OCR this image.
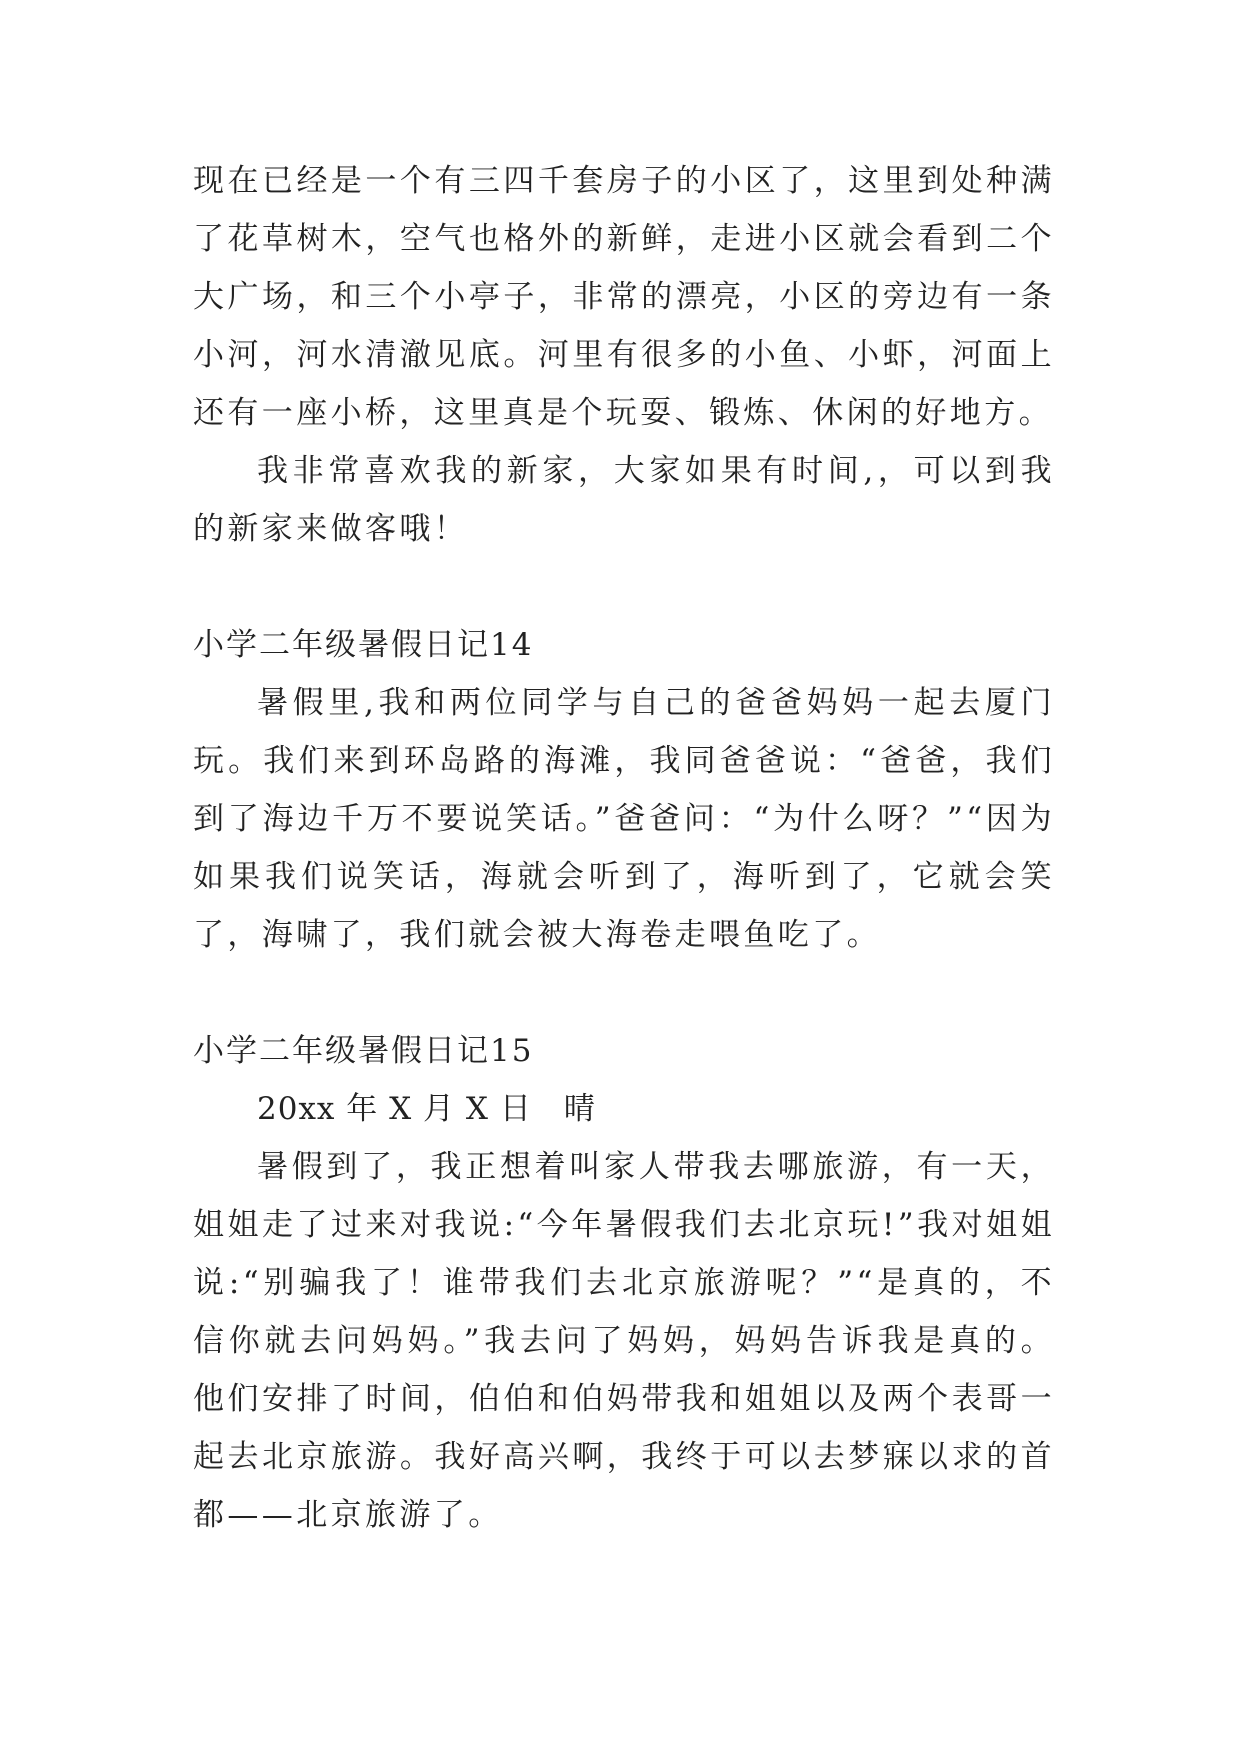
现在已经是一个有三四千套房子的小区了，这里到处种满了花草树木，空气也格外的新鲜，走进小区就会看到二个大广场，和三个小亭子，非常的漂亮，小区的旁边有一条小河，河水清澈见底。河里有很多的小鱼、小虾，河面上还有一座小桥，这里真是个玩耍、锻炼、休闲的好地方。

我非常喜欢我的新家，大家如果有时间,，可以到我的新家来做客哦！

小学二年级暑假日记14

暑假里,我和两位同学与自己的爸爸妈妈一起去厦门玩。我们来到环岛路的海滩，我同爸爸说：“爸爸，我们到了海边千万不要说笑话。”爸爸问：“为什么呀？”“因为如果我们说笑话，海就会听到了，海听到了，它就会笑了，海啸了，我们就会被大海卷走喂鱼吃了。

小学二年级暑假日记15

20xx 年 X 月 X 日　晴

暑假到了，我正想着叫家人带我去哪旅游，有一天，姐姐走了过来对我说:“今年暑假我们去北京玩!”我对姐姐说:“别骗我了！谁带我们去北京旅游呢？”“是真的，不信你就去问妈妈。”我去问了妈妈，妈妈告诉我是真的。他们安排了时间，伯伯和伯妈带我和姐姐以及两个表哥一起去北京旅游。我好高兴啊，我终于可以去梦寐以求的首都——北京旅游了。
